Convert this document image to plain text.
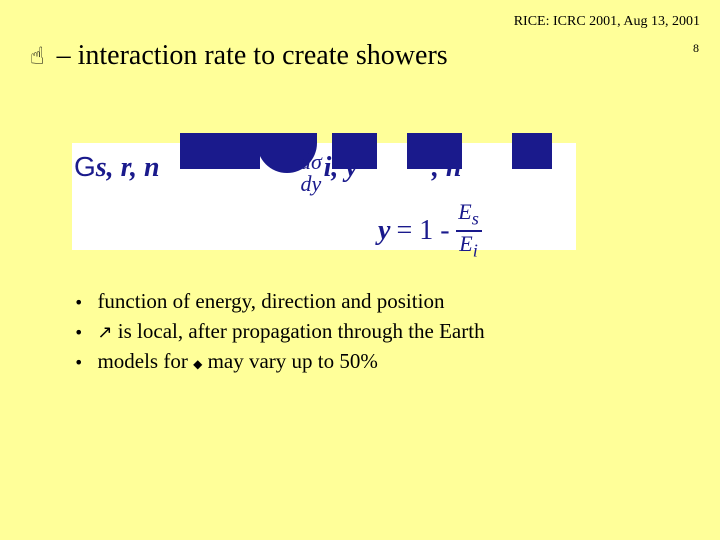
RICE: ICRC 2001, Aug 13, 2001
8
☝ – interaction rate to create showers
Gs, r, n	i, y	, n
dσ
dy
$y = 1 - \frac{E_s}{E_i}$
• function of energy, direction and position
• ↗ is local, after propagation through the Earth
• models for ◆ may vary up to 50%
